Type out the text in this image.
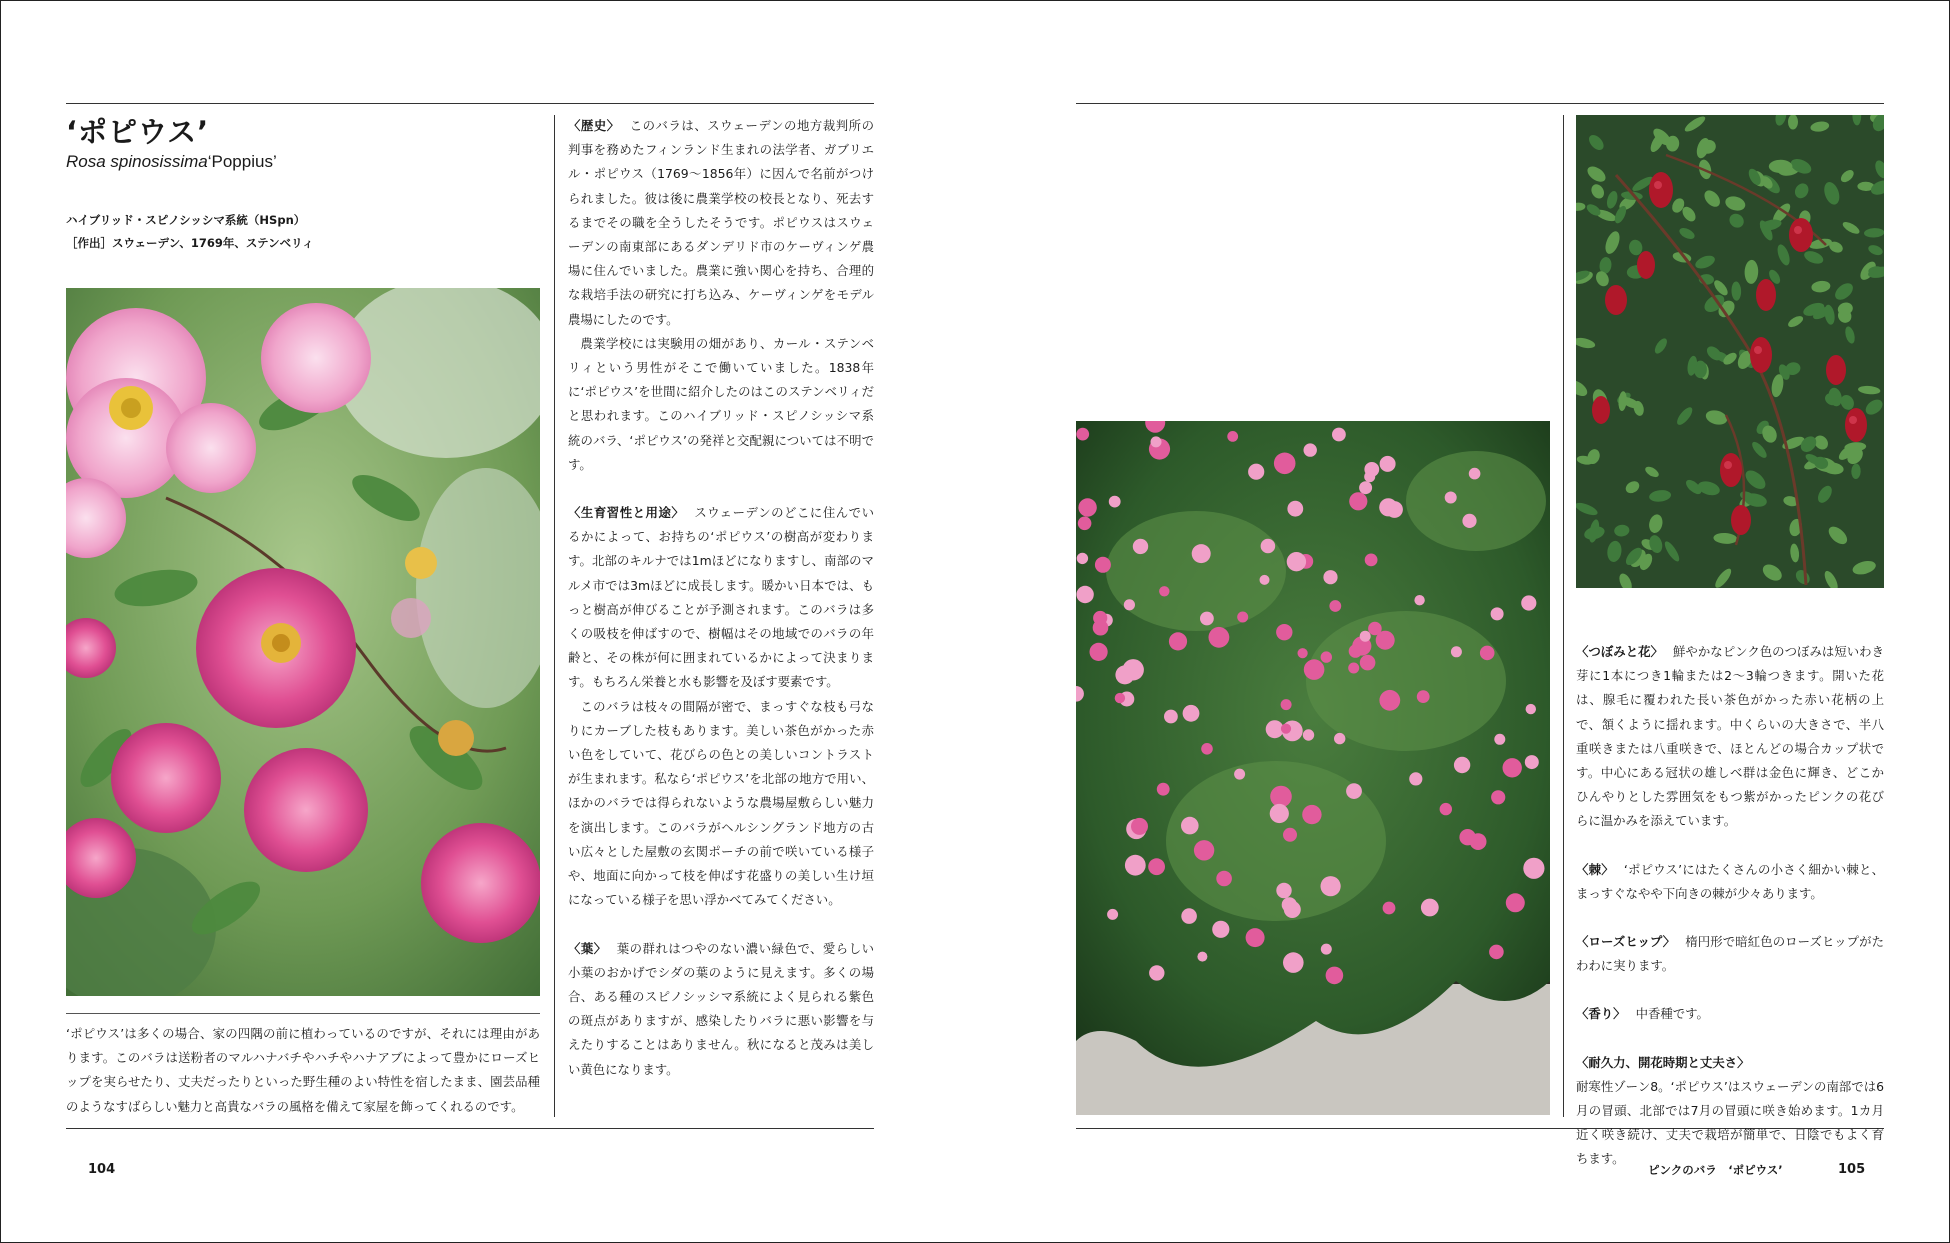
‘ポピウス’
Rosa spinosissima‘Poppius’
ハイブリッド・スピノシッシマ系統（HSpn）
［作出］スウェーデン、1769年、ステンベリィ

‘ポピウス’は多くの場合、家の四隅の前に植わっているのですが、それには理由があります。このバラは送粉者のマルハナバチやハチやハナアブによって豊かにローズヒップを実らせたり、丈夫だったりといった野生種のよい特性を宿したまま、園芸品種のようなすばらしい魅力と高貴なバラの風格を備えて家屋を飾ってくれるのです。

〈歴史〉 このバラは、スウェーデンの地方裁判所の判事を務めたフィンランド生まれの法学者、ガブリエル・ポピウス（1769〜1856年）に因んで名前がつけられました。彼は後に農業学校の校長となり、死去するまでその職を全うしたそうです。ポピウスはスウェーデンの南東部にあるダンデリド市のケーヴィンゲ農場に住んでいました。農業に強い関心を持ち、合理的な栽培手法の研究に打ち込み、ケーヴィンゲをモデル農場にしたのです。

農業学校には実験用の畑があり、カール・ステンベリィという男性がそこで働いていました。1838年に‘ポピウス’を世間に紹介したのはこのステンベリィだと思われます。このハイブリッド・スピノシッシマ系統のバラ、‘ポピウス’の発祥と交配親については不明です。

〈生育習性と用途〉 スウェーデンのどこに住んでいるかによって、お持ちの‘ポピウス’の樹高が変わります。北部のキルナでは1mほどになりますし、南部のマルメ市では3mほどに成長します。暖かい日本では、もっと樹高が伸びることが予測されます。このバラは多くの吸枝を伸ばすので、樹幅はその地域でのバラの年齢と、その株が何に囲まれているかによって決まります。もちろん栄養と水も影響を及ぼす要素です。

このバラは枝々の間隔が密で、まっすぐな枝も弓なりにカーブした枝もあります。美しい茶色がかった赤い色をしていて、花びらの色との美しいコントラストが生まれます。私なら‘ポピウス’を北部の地方で用い、ほかのバラでは得られないような農場屋敷らしい魅力を演出します。このバラがヘルシングランド地方の古い広々とした屋敷の玄関ポーチの前で咲いている様子や、地面に向かって枝を伸ばす花盛りの美しい生け垣になっている様子を思い浮かべてみてください。

〈葉〉 葉の群れはつやのない濃い緑色で、愛らしい小葉のおかげでシダの葉のように見えます。多くの場合、ある種のスピノシッシマ系統によく見られる紫色の斑点がありますが、感染したりバラに悪い影響を与えたりすることはありません。秋になると茂みは美しい黄色になります。

104

〈つぼみと花〉 鮮やかなピンク色のつぼみは短いわき芽に1本につき1輪または2〜3輪つきます。開いた花は、腺毛に覆われた長い茶色がかった赤い花柄の上で、頷くように揺れます。中くらいの大きさで、半八重咲きまたは八重咲きで、ほとんどの場合カップ状です。中心にある冠状の雄しべ群は金色に輝き、どこかひんやりとした雰囲気をもつ紫がかったピンクの花びらに温かみを添えています。

〈棘〉 ‘ポピウス’にはたくさんの小さく細かい棘と、まっすぐなやや下向きの棘が少々あります。

〈ローズヒップ〉 楕円形で暗紅色のローズヒップがたわわに実ります。

〈香り〉 中香種です。

〈耐久力、開花時期と丈夫さ〉

耐寒性ゾーン8。‘ポピウス’はスウェーデンの南部では6月の冒頭、北部では7月の冒頭に咲き始めます。1カ月近く咲き続け、丈夫で栽培が簡単で、日陰でもよく育ちます。

ピンクのバラ　‘ポピウス’	105
